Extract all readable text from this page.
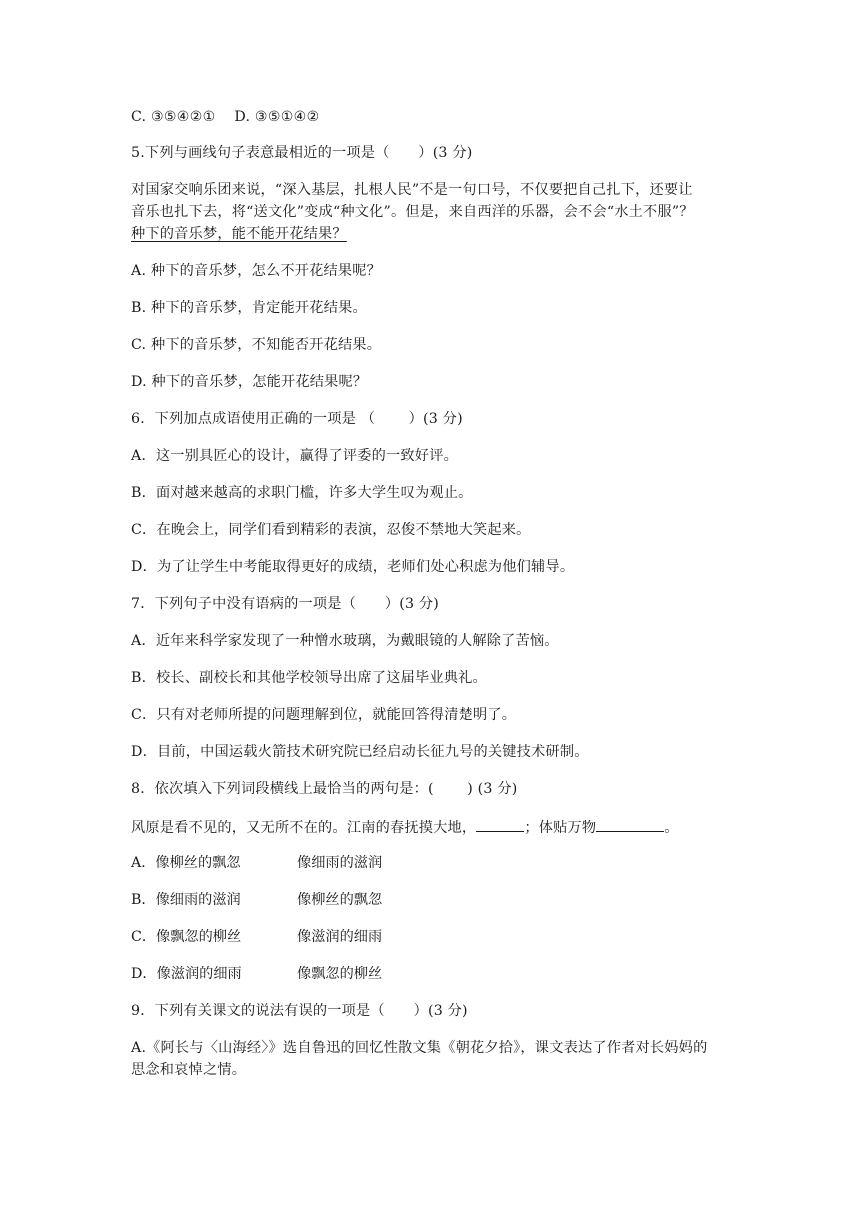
C. ③⑤④②① D. ③⑤①④②
5.下列与画线句子表意最相近的一项是（　　）(3 分)
对国家交响乐团来说，“深入基层，扎根人民”不是一句口号，不仅要把自己扎下，还要让
音乐也扎下去，将“送文化”变成“种文化”。但是，来自西洋的乐器，会不会“水土不服”？
种下的音乐梦，能不能开花结果？
A. 种下的音乐梦，怎么不开花结果呢？
B. 种下的音乐梦，肯定能开花结果。
C. 种下的音乐梦，不知能否开花结果。
D. 种下的音乐梦，怎能开花结果呢？
6．下列加点成语使用正确的一项是 （　　 ）(3 分)
A．这一别具匠心的设计，赢得了评委的一致好评。
B．面对越来越高的求职门槛，许多大学生叹为观止。
C．在晚会上，同学们看到精彩的表演，忍俊不禁地大笑起来。
D．为了让学生中考能取得更好的成绩，老师们处心积虑为他们辅导。
7．下列句子中没有语病的一项是（　　）(3 分)
A．近年来科学家发现了一种憎水玻璃，为戴眼镜的人解除了苦恼。
B．校长、副校长和其他学校领导出席了这届毕业典礼。
C．只有对老师所提的问题理解到位，就能回答得清楚明了。
D．目前，中国运载火箭技术研究院已经启动长征九号的关键技术研制。
8．依次填入下列词段横线上最恰当的两句是：(　　 ) (3 分)
风原是看不见的，又无所不在的。江南的春抚摸大地，	；体贴万物	。
A．像柳丝的飘忽	像细雨的滋润
B．像细雨的滋润	像柳丝的飘忽
C．像飘忽的柳丝	像滋润的细雨
D．像滋润的细雨	像飘忽的柳丝
9．下列有关课文的说法有误的一项是（　　）(3 分)
A.《阿长与〈山海经〉》选自鲁迅的回忆性散文集《朝花夕拾》，课文表达了作者对长妈妈的
思念和哀悼之情。
